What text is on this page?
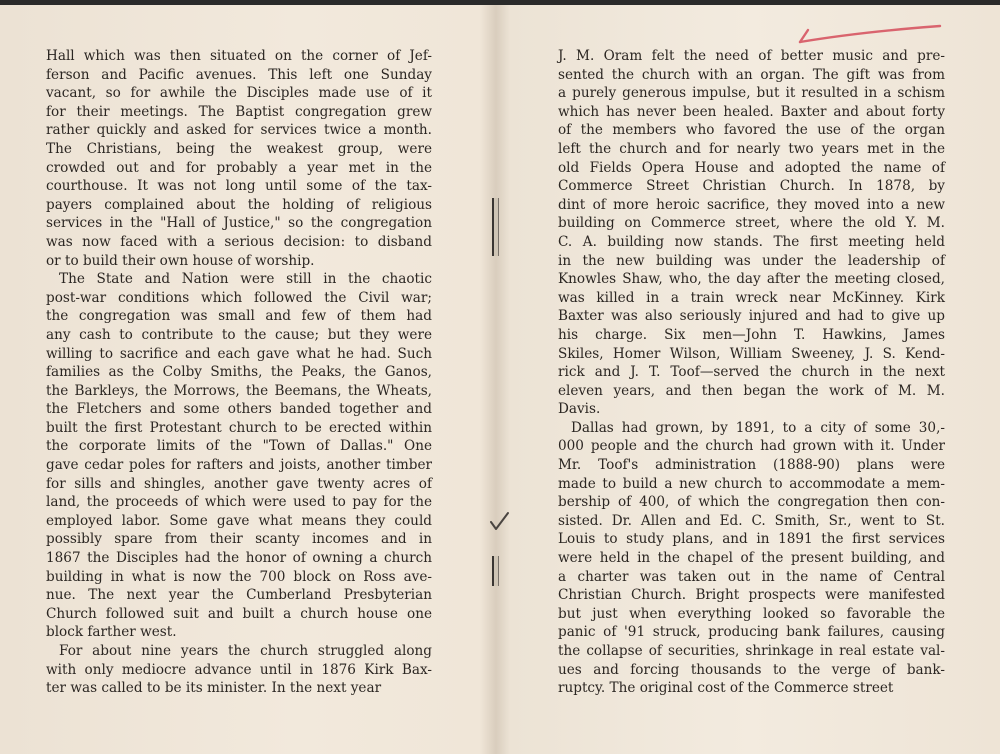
Hall which was then situated on the corner of Jef-
ferson and Pacific avenues. This left one Sunday
vacant, so for awhile the Disciples made use of it
for their meetings. The Baptist congregation grew
rather quickly and asked for services twice a month.
The Christians, being the weakest group, were
crowded out and for probably a year met in the
courthouse. It was not long until some of the tax-
payers complained about the holding of religious
services in the "Hall of Justice," so the congregation
was now faced with a serious decision: to disband
or to build their own house of worship.

The State and Nation were still in the chaotic
post-war conditions which followed the Civil war;
the congregation was small and few of them had
any cash to contribute to the cause; but they were
willing to sacrifice and each gave what he had. Such
families as the Colby Smiths, the Peaks, the Ganos,
the Barkleys, the Morrows, the Beemans, the Wheats,
the Fletchers and some others banded together and
built the first Protestant church to be erected within
the corporate limits of the "Town of Dallas." One
gave cedar poles for rafters and joists, another timber
for sills and shingles, another gave twenty acres of
land, the proceeds of which were used to pay for the
employed labor. Some gave what means they could
possibly spare from their scanty incomes and in
1867 the Disciples had the honor of owning a church
building in what is now the 700 block on Ross ave-
nue. The next year the Cumberland Presbyterian
Church followed suit and built a church house one
block farther west.

For about nine years the church struggled along
with only mediocre advance until in 1876 Kirk Bax-
ter was called to be its minister. In the next year

J. M. Oram felt the need of better music and pre-
sented the church with an organ. The gift was from
a purely generous impulse, but it resulted in a schism
which has never been healed. Baxter and about forty
of the members who favored the use of the organ
left the church and for nearly two years met in the
old Fields Opera House and adopted the name of
Commerce Street Christian Church. In 1878, by
dint of more heroic sacrifice, they moved into a new
building on Commerce street, where the old Y. M.
C. A. building now stands. The first meeting held
in the new building was under the leadership of
Knowles Shaw, who, the day after the meeting closed,
was killed in a train wreck near McKinney. Kirk
Baxter was also seriously injured and had to give up
his charge. Six men—John T. Hawkins, James
Skiles, Homer Wilson, William Sweeney, J. S. Kend-
rick and J. T. Toof—served the church in the next
eleven years, and then began the work of M. M.
Davis.

Dallas had grown, by 1891, to a city of some 30,-
000 people and the church had grown with it. Under
Mr. Toof's administration (1888-90) plans were
made to build a new church to accommodate a mem-
bership of 400, of which the congregation then con-
sisted. Dr. Allen and Ed. C. Smith, Sr., went to St.
Louis to study plans, and in 1891 the first services
were held in the chapel of the present building, and
a charter was taken out in the name of Central
Christian Church. Bright prospects were manifested
but just when everything looked so favorable the
panic of '91 struck, producing bank failures, causing
the collapse of securities, shrinkage in real estate val-
ues and forcing thousands to the verge of bank-
ruptcy. The original cost of the Commerce street
